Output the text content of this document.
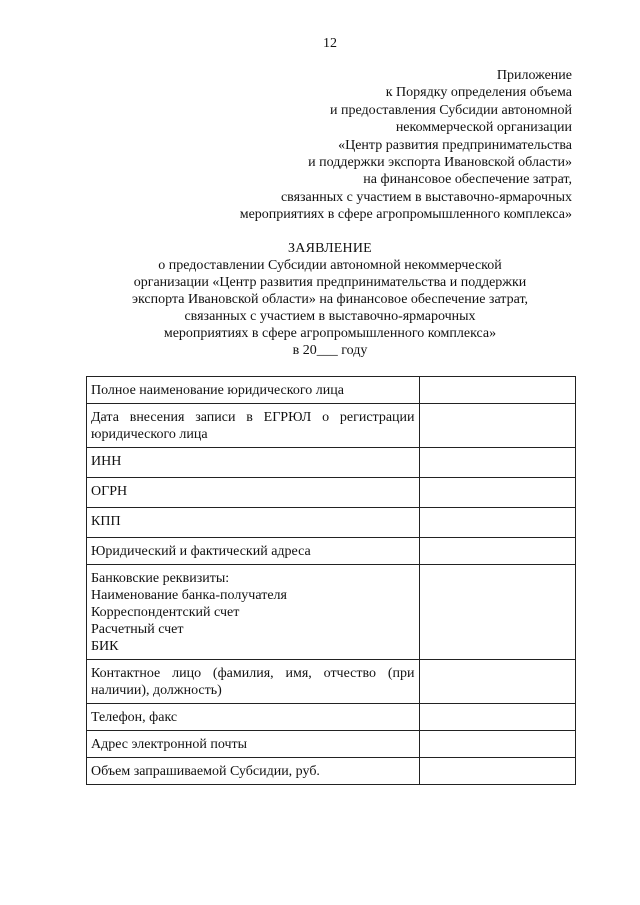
12
Приложение
к Порядку определения объема
и предоставления Субсидии автономной
некоммерческой организации
«Центр развития предпринимательства
и поддержки экспорта Ивановской области»
на финансовое обеспечение затрат,
связанных с участием в выставочно-ярмарочных
мероприятиях в сфере агропромышленного комплекса»
ЗАЯВЛЕНИЕ
о предоставлении Субсидии автономной некоммерческой
организации «Центр развития предпринимательства и поддержки
экспорта Ивановской области» на финансовое обеспечение затрат,
связанных с участием в выставочно-ярмарочных
мероприятиях в сфере агропромышленного комплекса»
в 20___ году
Полное наименование юридического лица	
Дата внесения записи в ЕГРЮЛ о регистрации юридического лица	
ИНН	
ОГРН	
КПП	
Юридический и фактический адреса	

Банковские реквизиты:
Наименование банка-получателя
Корреспондентский счет
Расчетный счет
БИК	

Контактное лицо (фамилия, имя, отчество (при наличии), должность)	
Телефон, факс	
Адрес электронной почты	
Объем запрашиваемой Субсидии, руб.	
